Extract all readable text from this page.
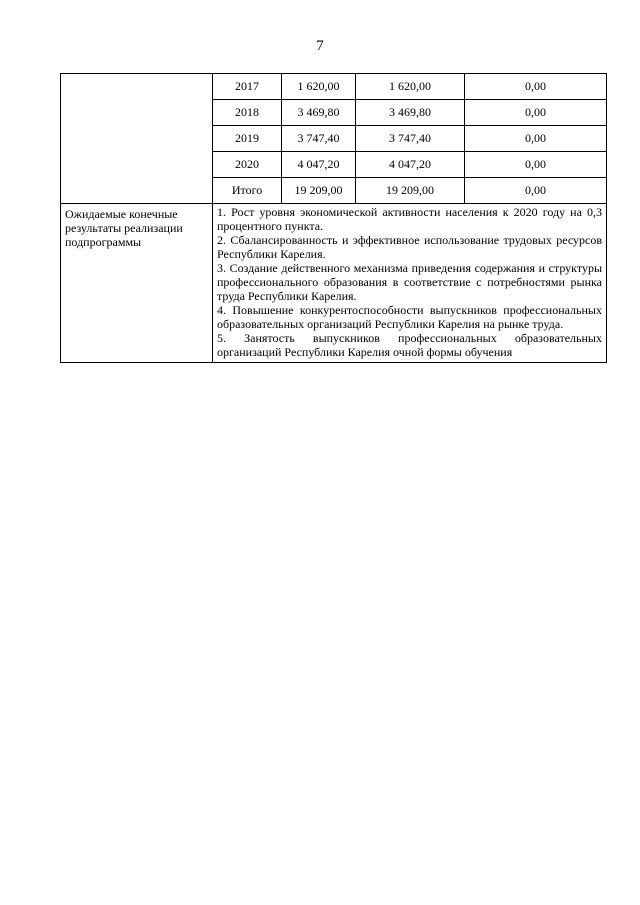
7
	2017	1 620,00	1 620,00	0,00
	2018	3 469,80	3 469,80	0,00
	2019	3 747,40	3 747,40	0,00
	2020	4 047,20	4 047,20	0,00
	Итого	19 209,00	19 209,00	0,00
Ожидаемые конечные результаты реализации подпрограммы	1. Рост уровня экономической активности населения к 2020 году на 0,3 процентного пункта.

2. Сбалансированность и эффективное использование трудовых ресурсов Республики Карелия.

3. Создание действенного механизма приведения содержания и структуры профессионального образования в соответствие с потребностями рынка труда Республики Карелия.

4. Повышение конкурентоспособности выпускников профессиональных образовательных организаций Республики Карелия на рынке труда.

5. Занятость выпускников профессиональных образовательных организаций Республики Карелия очной формы обучения			
